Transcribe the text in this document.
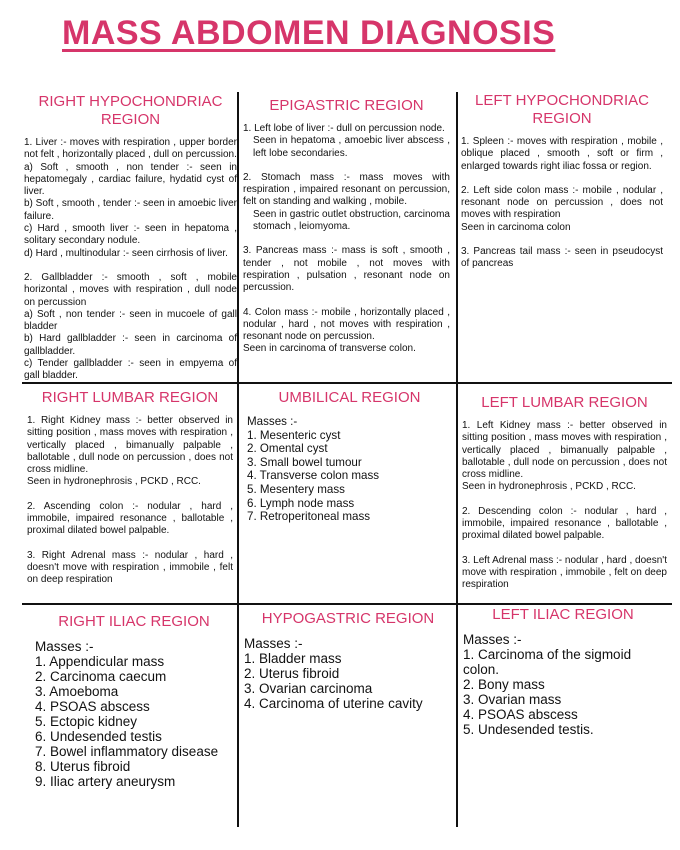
MASS ABDOMEN DIAGNOSIS
RIGHT HYPOCHONDRIAC
REGION
1. Liver :- moves with respiration , upper border not felt , horizontally placed , dull on percussion.
a) Soft , smooth , non tender :- seen in hepatomegaly , cardiac failure, hydatid cyst of liver.
b) Soft , smooth , tender :- seen in amoebic liver failure.
c) Hard , smooth liver :- seen in hepatoma , solitary secondary nodule.
d) Hard , multinodular :- seen cirrhosis of liver.
2. Gallbladder :- smooth , soft , mobile horizontal , moves with respiration , dull node on percussion
a) Soft , non tender :- seen in mucoele of gall bladder
b) Hard gallbladder :- seen in carcinoma of gallbladder.
c) Tender gallbladder :- seen in empyema of gall bladder.
EPIGASTRIC REGION
1. Left lobe of liver :- dull on percussion node.
Seen in hepatoma , amoebic liver abscess , left lobe secondaries.
2. Stomach mass :- mass moves with respiration , impaired resonant on percussion, felt on standing and walking , mobile.
Seen in gastric outlet obstruction, carcinoma stomach , leiomyoma.
3. Pancreas mass :- mass is soft , smooth , tender , not mobile , not moves with respiration , pulsation , resonant node on percussion.
4. Colon mass :- mobile , horizontally placed , nodular , hard , not moves with respiration , resonant node on percussion.
Seen in carcinoma of transverse colon.
LEFT HYPOCHONDRIAC
REGION
1. Spleen :- moves with respiration , mobile , oblique placed , smooth , soft or firm , enlarged towards right iliac fossa or region.
2. Left side colon mass :- mobile , nodular , resonant node on percussion , does not moves with respiration
Seen in carcinoma colon
3. Pancreas tail mass :- seen in pseudocyst of pancreas
RIGHT LUMBAR REGION
1. Right Kidney mass :- better observed in sitting position , mass moves with respiration , vertically placed , bimanually palpable , ballotable , dull node on percussion , does not cross midline.
Seen in hydronephrosis , PCKD , RCC.
2. Ascending colon :- nodular , hard , immobile, impaired resonance , ballotable , proximal dilated bowel palpable.
3. Right Adrenal mass :- nodular , hard , doesn't move with respiration , immobile , felt on deep respiration
UMBILICAL REGION
Masses :-
1. Mesenteric cyst
2. Omental cyst
3. Small bowel tumour
4. Transverse colon mass
5. Mesentery mass
6. Lymph node mass
7. Retroperitoneal mass
LEFT LUMBAR REGION
1. Left Kidney mass :- better observed in sitting position , mass moves with respiration , vertically placed , bimanually palpable , ballotable , dull node on percussion , does not cross midline.
Seen in hydronephrosis , PCKD , RCC.
2. Descending colon :- nodular , hard , immobile, impaired resonance , ballotable , proximal dilated bowel palpable.
3. Left Adrenal mass :- nodular , hard , doesn't move with respiration , immobile , felt on deep respiration
RIGHT ILIAC REGION
Masses :-
1. Appendicular mass
2. Carcinoma caecum
3. Amoeboma
4. PSOAS abscess
5. Ectopic kidney
6. Undesended testis
7. Bowel inflammatory disease
8. Uterus fibroid
9. Iliac artery aneurysm
HYPOGASTRIC REGION
Masses :-
1. Bladder mass
2. Uterus fibroid
3. Ovarian carcinoma
4. Carcinoma of uterine cavity
LEFT ILIAC REGION
Masses :-
1. Carcinoma of the sigmoid colon.
2. Bony mass
3. Ovarian mass
4. PSOAS abscess
5. Undesended testis.
